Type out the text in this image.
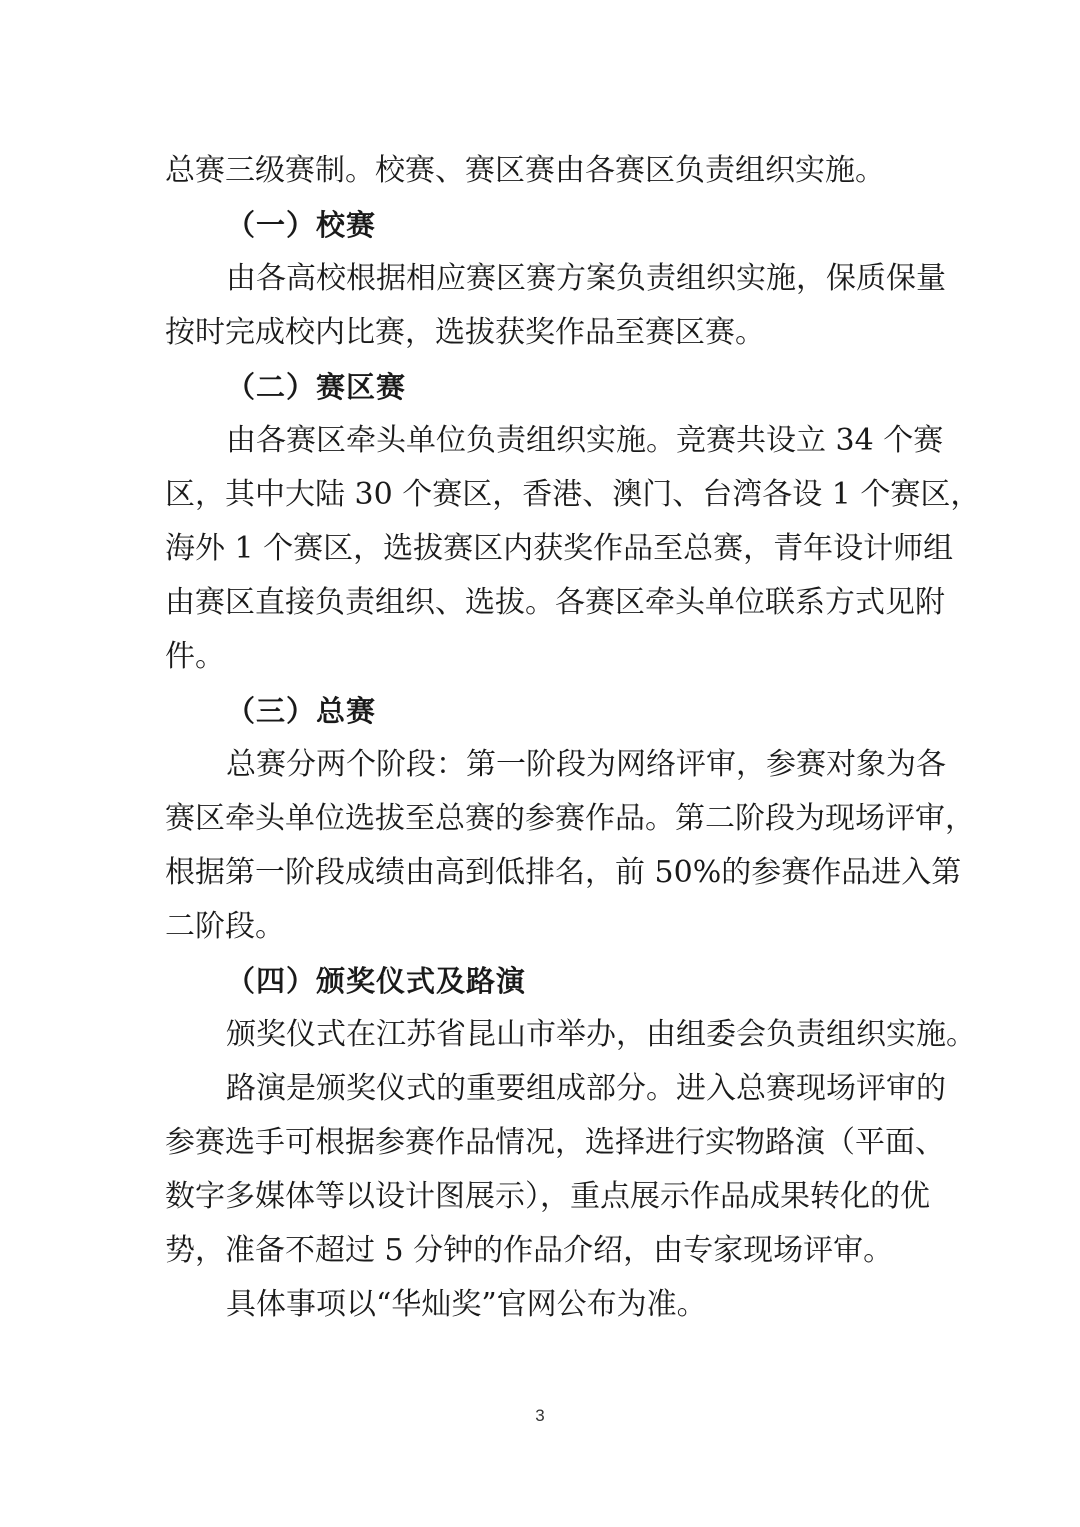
总赛三级赛制。校赛、赛区赛由各赛区负责组织实施。

（一）校赛

由各高校根据相应赛区赛方案负责组织实施，保质保量

按时完成校内比赛，选拔获奖作品至赛区赛。

（二）赛区赛

由各赛区牵头单位负责组织实施。竞赛共设立 34 个赛

区，其中大陆 30 个赛区，香港、澳门、台湾各设 1 个赛区，

海外 1 个赛区，选拔赛区内获奖作品至总赛，青年设计师组

由赛区直接负责组织、选拔。各赛区牵头单位联系方式见附

件。

（三）总赛

总赛分两个阶段：第一阶段为网络评审，参赛对象为各

赛区牵头单位选拔至总赛的参赛作品。第二阶段为现场评审，

根据第一阶段成绩由高到低排名，前 50%的参赛作品进入第

二阶段。

（四）颁奖仪式及路演

颁奖仪式在江苏省昆山市举办，由组委会负责组织实施。

路演是颁奖仪式的重要组成部分。进入总赛现场评审的

参赛选手可根据参赛作品情况，选择进行实物路演（平面、

数字多媒体等以设计图展示），重点展示作品成果转化的优

势，准备不超过 5 分钟的作品介绍，由专家现场评审。

具体事项以“华灿奖”官网公布为准。

3
